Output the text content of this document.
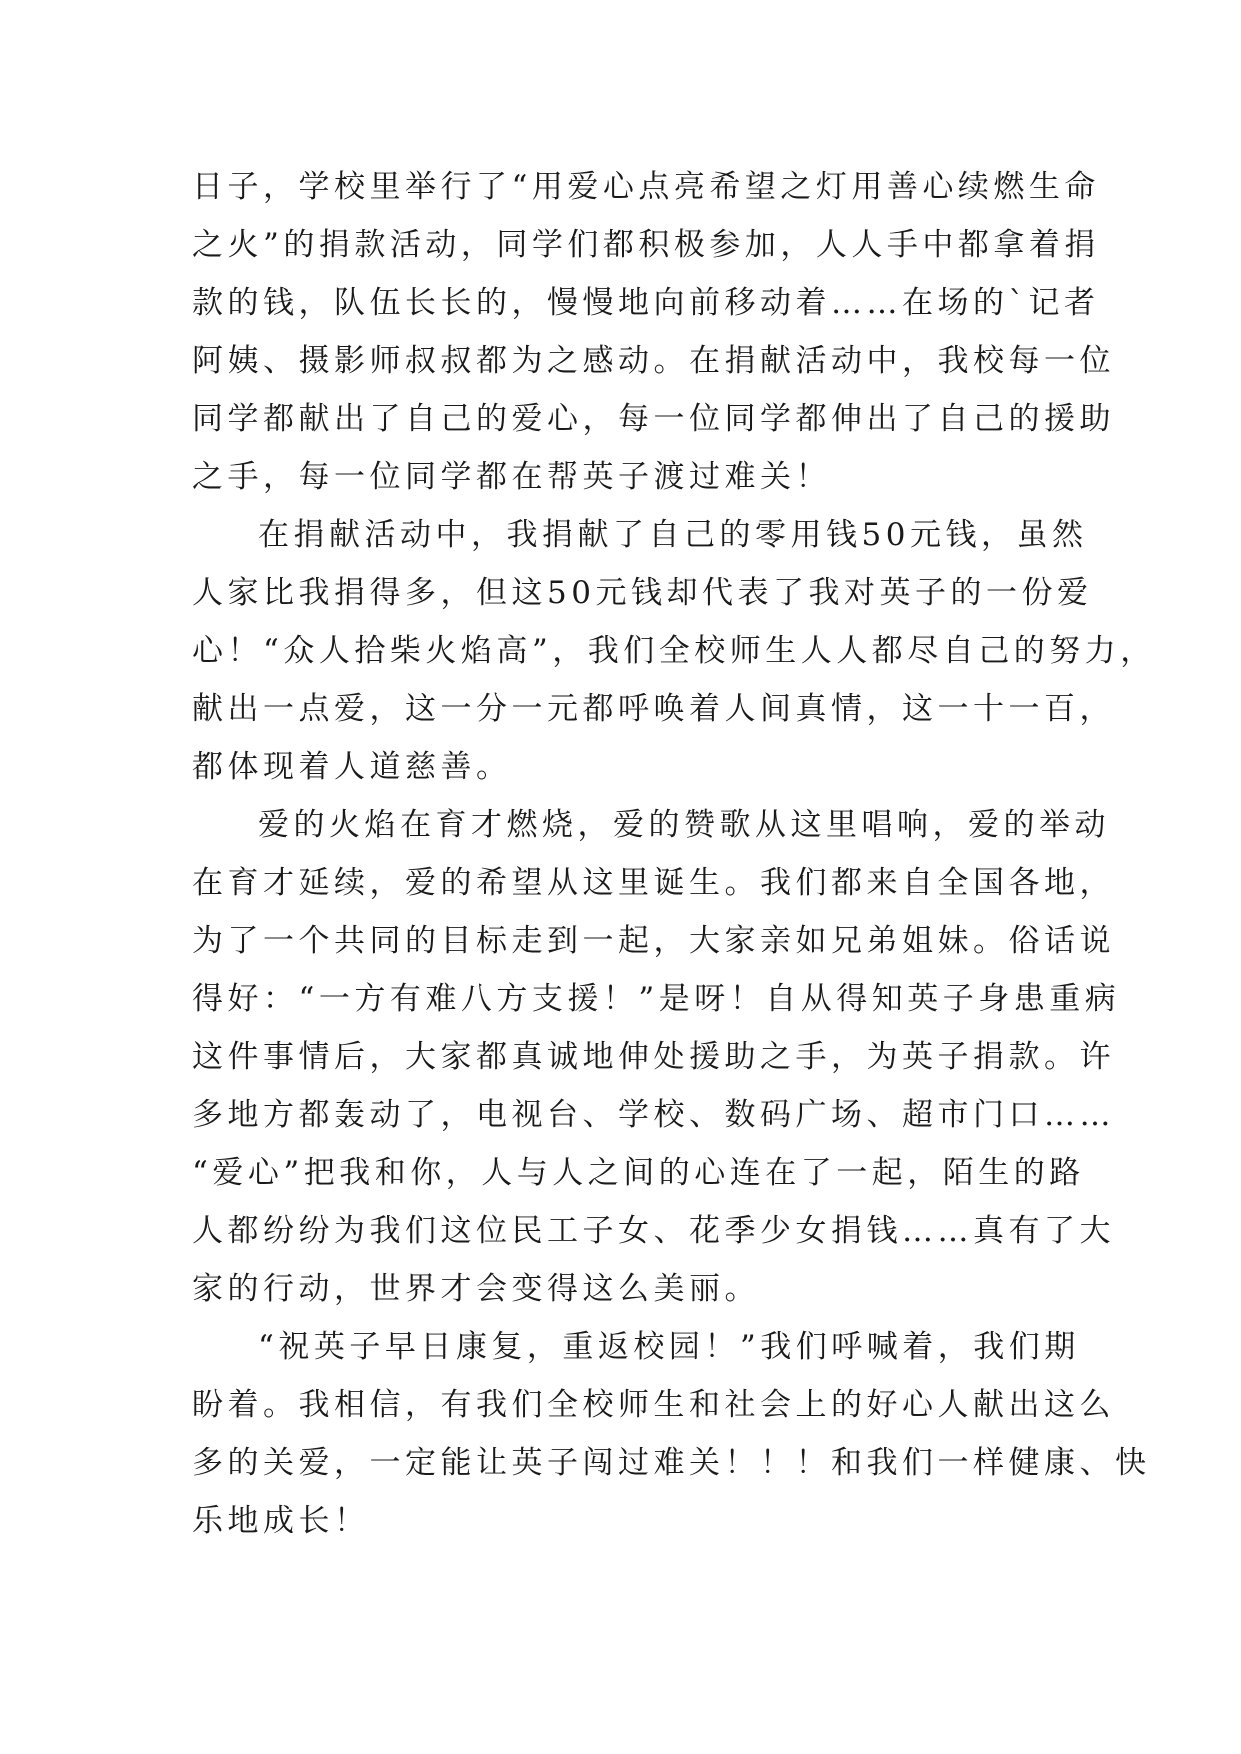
日子，学校里举行了“用爱心点亮希望之灯用善心续燃生命
之火”的捐款活动，同学们都积极参加，人人手中都拿着捐
款的钱，队伍长长的，慢慢地向前移动着……在场的`记者
阿姨、摄影师叔叔都为之感动。在捐献活动中，我校每一位
同学都献出了自己的爱心，每一位同学都伸出了自己的援助
之手，每一位同学都在帮英子渡过难关！
在捐献活动中，我捐献了自己的零用钱50元钱，虽然
人家比我捐得多，但这50元钱却代表了我对英子的一份爱
心！“众人拾柴火焰高”，我们全校师生人人都尽自己的努力，
献出一点爱，这一分一元都呼唤着人间真情，这一十一百，
都体现着人道慈善。
爱的火焰在育才燃烧，爱的赞歌从这里唱响，爱的举动
在育才延续，爱的希望从这里诞生。我们都来自全国各地，
为了一个共同的目标走到一起，大家亲如兄弟姐妹。俗话说
得好：“一方有难八方支援！”是呀！自从得知英子身患重病
这件事情后，大家都真诚地伸处援助之手，为英子捐款。许
多地方都轰动了，电视台、学校、数码广场、超市门口……
“爱心”把我和你，人与人之间的心连在了一起，陌生的路
人都纷纷为我们这位民工子女、花季少女捐钱……真有了大
家的行动，世界才会变得这么美丽。
“祝英子早日康复，重返校园！”我们呼喊着，我们期
盼着。我相信，有我们全校师生和社会上的好心人献出这么
多的关爱，一定能让英子闯过难关！！！和我们一样健康、快
乐地成长！
